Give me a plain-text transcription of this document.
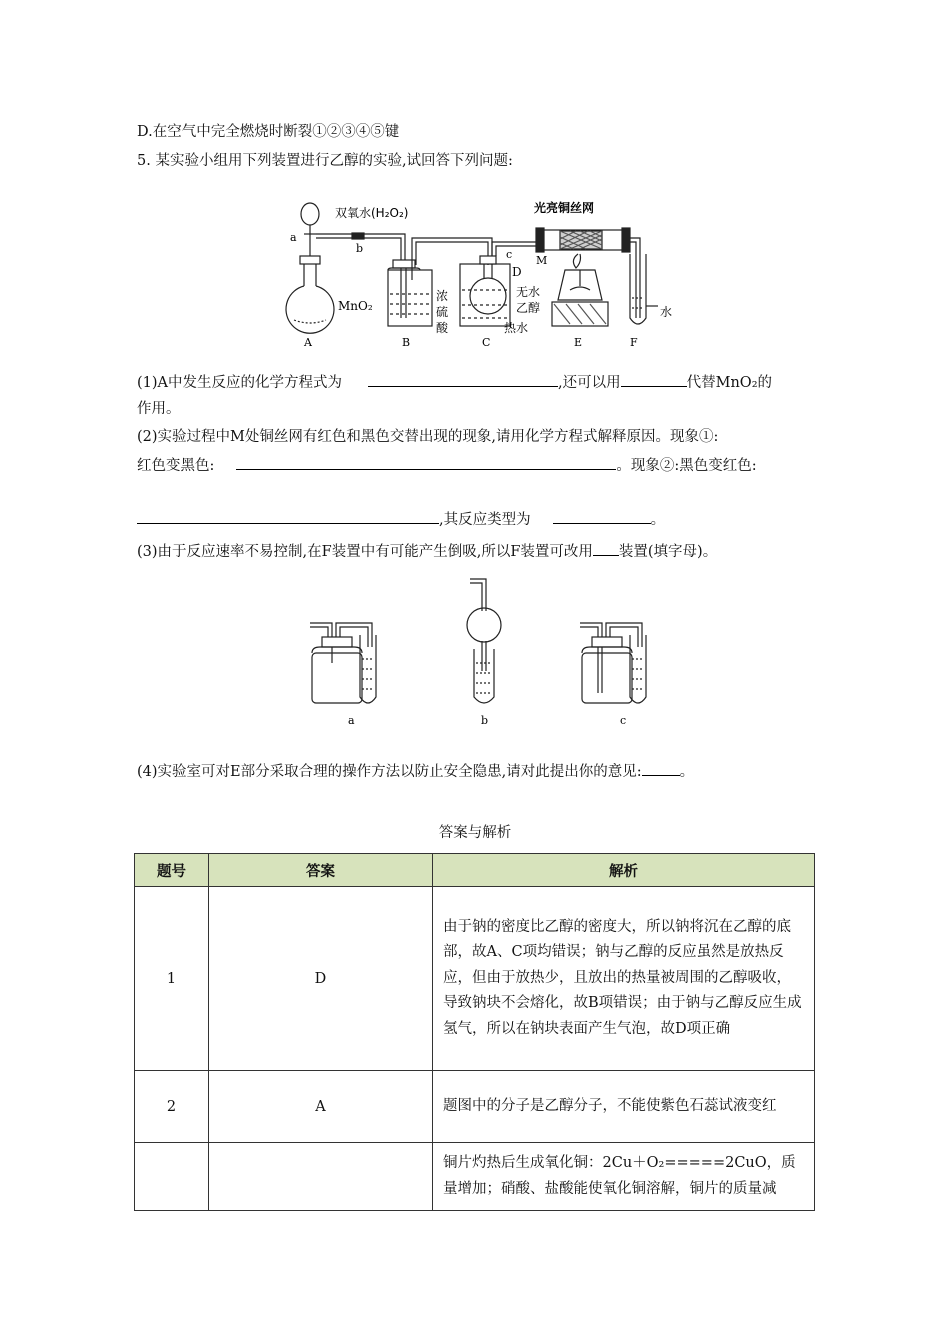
D.在空气中完全燃烧时断裂①②③④⑤键
5. 某实验小组用下列装置进行乙醇的实验,试回答下列问题:
双氧水(H₂O₂)	光亮铜丝网
a
b	c M
D
MnO₂
浓
硫
酸
无水
乙醇
热水
水
A	B	C	E	F
(1)A中发生反应的化学方程式为	,还可以用	代替MnO₂的
作用。
(2)实验过程中M处铜丝网有红色和黑色交替出现的现象,请用化学方程式解释原因。现象①:
红色变黑色:	。现象②:黑色变红色:
,其反应类型为	。
(3)由于反应速率不易控制,在F装置中有可能产生倒吸,所以F装置可改用 装置(填字母)。
a	b	c
(4)实验室可对E部分采取合理的操作方法以防止安全隐患,请对此提出你的意见:	。
答案与解析
题号	答案	解析
1	D	由于钠的密度比乙醇的密度大，所以钠将沉在乙醇的底部，故A、C项均错误；钠与乙醇的反应虽然是放热反应，但由于放热少，且放出的热量被周围的乙醇吸收，导致钠块不会熔化，故B项错误；由于钠与乙醇反应生成氢气，所以在钠块表面产生气泡，故D项正确
2	A	题图中的分子是乙醇分子，不能使紫色石蕊试液变红
		铜片灼热后生成氧化铜：2Cu＋O₂=====2CuO，质量增加；硝酸、盐酸能使氧化铜溶解，铜片的质量减
